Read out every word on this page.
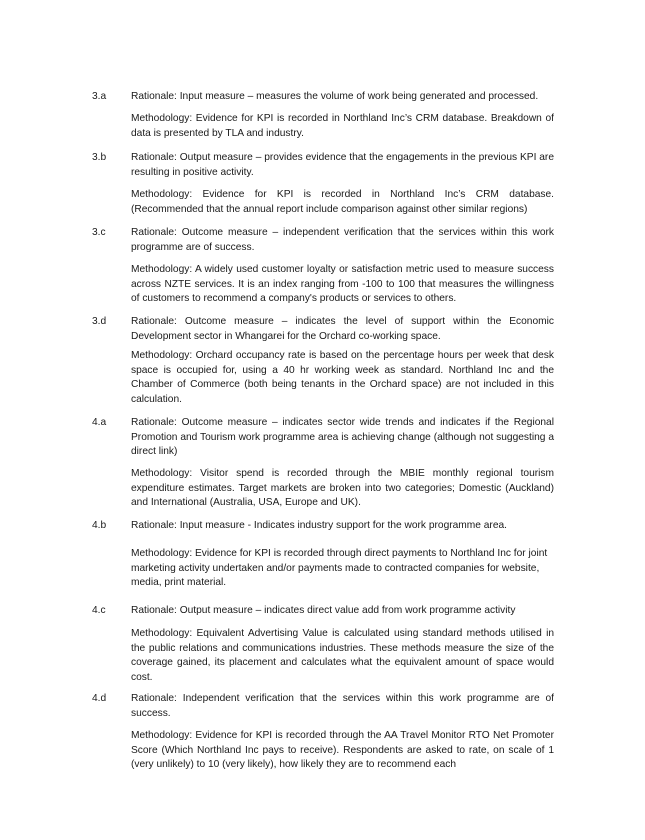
3.a Rationale: Input measure – measures the volume of work being generated and processed.

Methodology: Evidence for KPI is recorded in Northland Inc’s CRM database. Breakdown of data is presented by TLA and industry.

3.b Rationale: Output measure – provides evidence that the engagements in the previous KPI are resulting in positive activity.

Methodology: Evidence for KPI is recorded in Northland Inc’s CRM database. (Recommended that the annual report include comparison against other similar regions)

3.c Rationale: Outcome measure – independent verification that the services within this work programme are of success.

Methodology: A widely used customer loyalty or satisfaction metric used to measure success across NZTE services. It is an index ranging from -100 to 100 that measures the willingness of customers to recommend a company's products or services to others.

3.d Rationale: Outcome measure – indicates the level of support within the Economic Development sector in Whangarei for the Orchard co-working space.

Methodology: Orchard occupancy rate is based on the percentage hours per week that desk space is occupied for, using a 40 hr working week as standard. Northland Inc and the Chamber of Commerce (both being tenants in the Orchard space) are not included in this calculation.

4.a Rationale: Outcome measure – indicates sector wide trends and indicates if the Regional Promotion and Tourism work programme area is achieving change (although not suggesting a direct link)

Methodology: Visitor spend is recorded through the MBIE monthly regional tourism expenditure estimates. Target markets are broken into two categories; Domestic (Auckland) and International (Australia, USA, Europe and UK).

4.b Rationale: Input measure - Indicates industry support for the work programme area.

Methodology: Evidence for KPI is recorded through direct payments to Northland Inc for joint marketing activity undertaken and/or payments made to contracted companies for website, media, print material.

4.c Rationale: Output measure – indicates direct value add from work programme activity

Methodology: Equivalent Advertising Value is calculated using standard methods utilised in the public relations and communications industries. These methods measure the size of the coverage gained, its placement and calculates what the equivalent amount of space would cost.

4.d Rationale: Independent verification that the services within this work programme are of success.

Methodology: Evidence for KPI is recorded through the AA Travel Monitor RTO Net Promoter Score (Which Northland Inc pays to receive). Respondents are asked to rate, on scale of 1 (very unlikely) to 10 (very likely), how likely they are to recommend each
